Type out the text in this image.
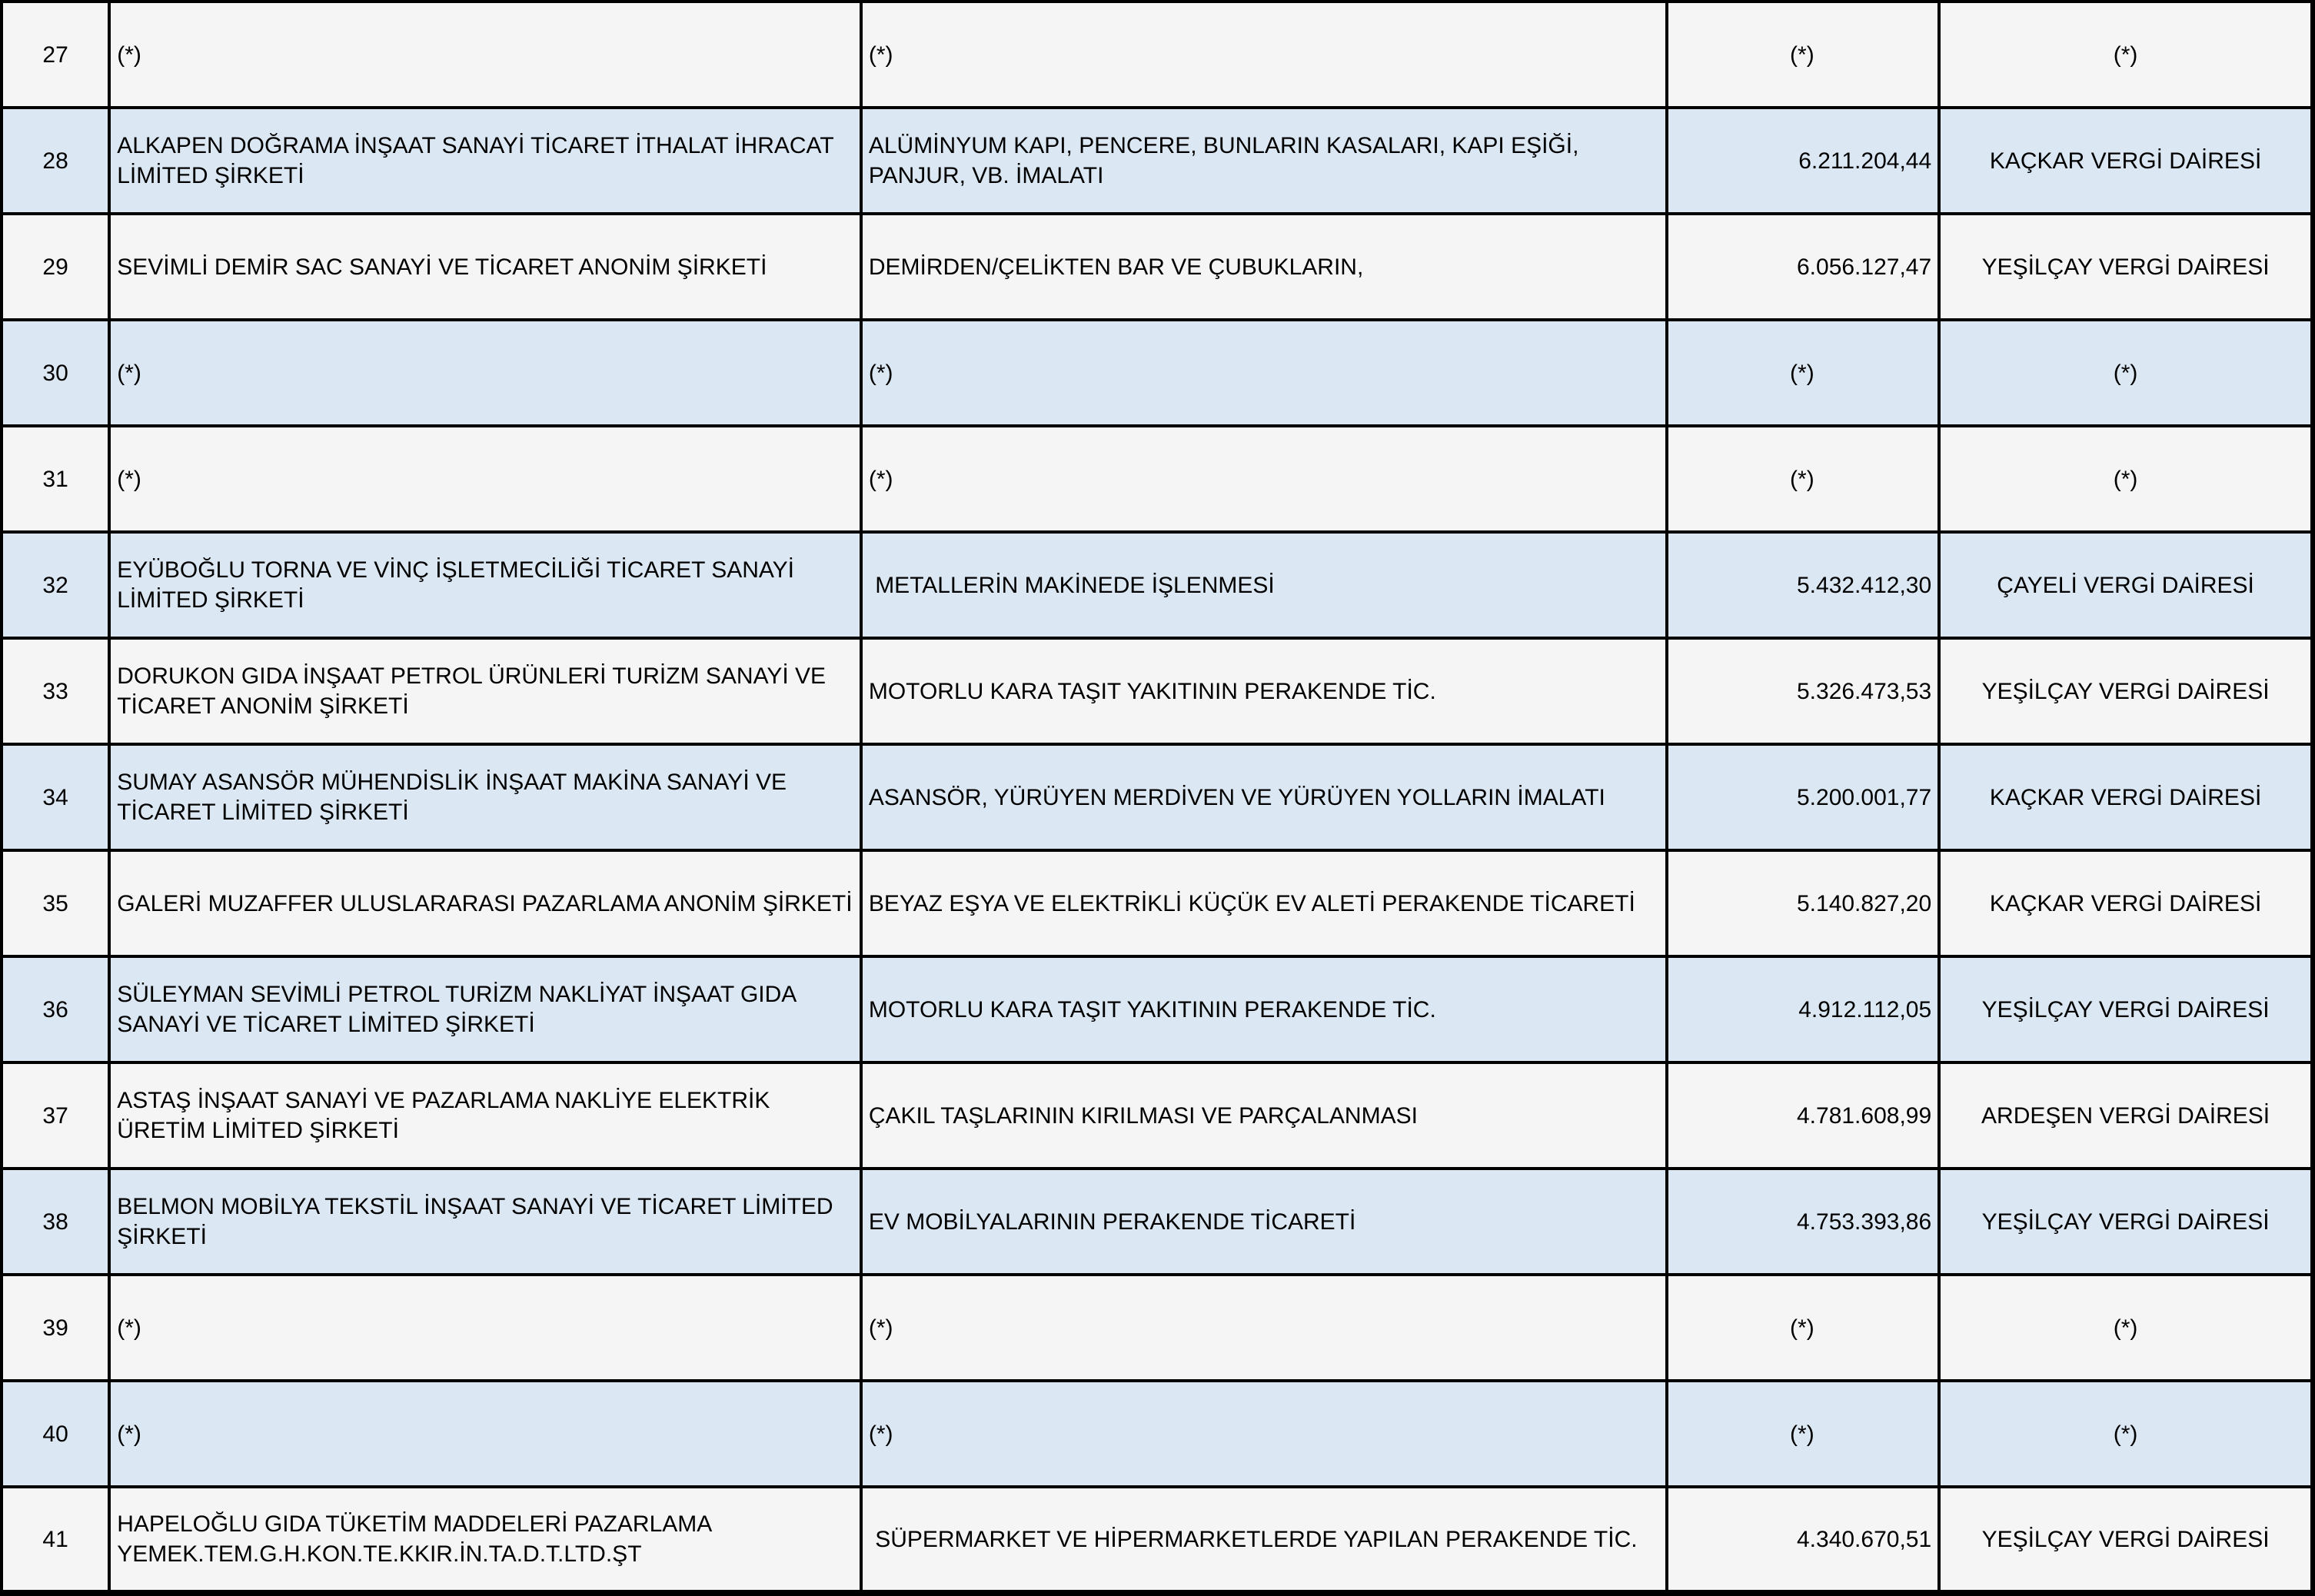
27	(*)	(*)	(*)	(*)
28	ALKAPEN DOĞRAMA İNŞAAT SANAYİ TİCARET İTHALAT İHRACAT LİMİTED ŞİRKETİ	ALÜMİNYUM KAPI, PENCERE, BUNLARIN KASALARI, KAPI EŞİĞİ, PANJUR, VB. İMALATI	6.211.204,44	KAÇKAR VERGİ DAİRESİ
29	SEVİMLİ DEMİR SAC SANAYİ VE TİCARET ANONİM ŞİRKETİ	DEMİRDEN/ÇELİKTEN BAR VE ÇUBUKLARIN,	6.056.127,47	YEŞİLÇAY VERGİ DAİRESİ
30	(*)	(*)	(*)	(*)
31	(*)	(*)	(*)	(*)
32	EYÜBOĞLU TORNA VE VİNÇ İŞLETMECİLİĞİ TİCARET SANAYİ LİMİTED ŞİRKETİ	METALLERİN MAKİNEDE İŞLENMESİ	5.432.412,30	ÇAYELİ VERGİ DAİRESİ
33	DORUKON GIDA İNŞAAT PETROL ÜRÜNLERİ TURİZM SANAYİ VE TİCARET ANONİM ŞİRKETİ	MOTORLU KARA TAŞIT YAKITININ PERAKENDE TİC.	5.326.473,53	YEŞİLÇAY VERGİ DAİRESİ
34	SUMAY ASANSÖR MÜHENDİSLİK İNŞAAT MAKİNA SANAYİ VE TİCARET LİMİTED ŞİRKETİ	ASANSÖR, YÜRÜYEN MERDİVEN VE YÜRÜYEN YOLLARIN İMALATI	5.200.001,77	KAÇKAR VERGİ DAİRESİ
35	GALERİ MUZAFFER ULUSLARARASI PAZARLAMA ANONİM ŞİRKETİ	BEYAZ EŞYA VE ELEKTRİKLİ KÜÇÜK EV ALETİ PERAKENDE TİCARETİ	5.140.827,20	KAÇKAR VERGİ DAİRESİ
36	SÜLEYMAN SEVİMLİ PETROL TURİZM NAKLİYAT İNŞAAT GIDA SANAYİ VE TİCARET LİMİTED ŞİRKETİ	MOTORLU KARA TAŞIT YAKITININ PERAKENDE TİC.	4.912.112,05	YEŞİLÇAY VERGİ DAİRESİ
37	ASTAŞ İNŞAAT SANAYİ VE PAZARLAMA NAKLİYE ELEKTRİK ÜRETİM LİMİTED ŞİRKETİ	ÇAKIL TAŞLARININ KIRILMASI VE PARÇALANMASI	4.781.608,99	ARDEŞEN VERGİ DAİRESİ
38	BELMON MOBİLYA TEKSTİL İNŞAAT SANAYİ VE TİCARET LİMİTED ŞİRKETİ	EV MOBİLYALARININ PERAKENDE TİCARETİ	4.753.393,86	YEŞİLÇAY VERGİ DAİRESİ
39	(*)	(*)	(*)	(*)
40	(*)	(*)	(*)	(*)
41	HAPELOĞLU GIDA TÜKETİM MADDELERİ PAZARLAMA YEMEK.TEM.G.H.KON.TE.KKIR.İN.TA.D.T.LTD.ŞT	SÜPERMARKET VE HİPERMARKETLERDE YAPILAN PERAKENDE TİC.	4.340.670,51	YEŞİLÇAY VERGİ DAİRESİ
